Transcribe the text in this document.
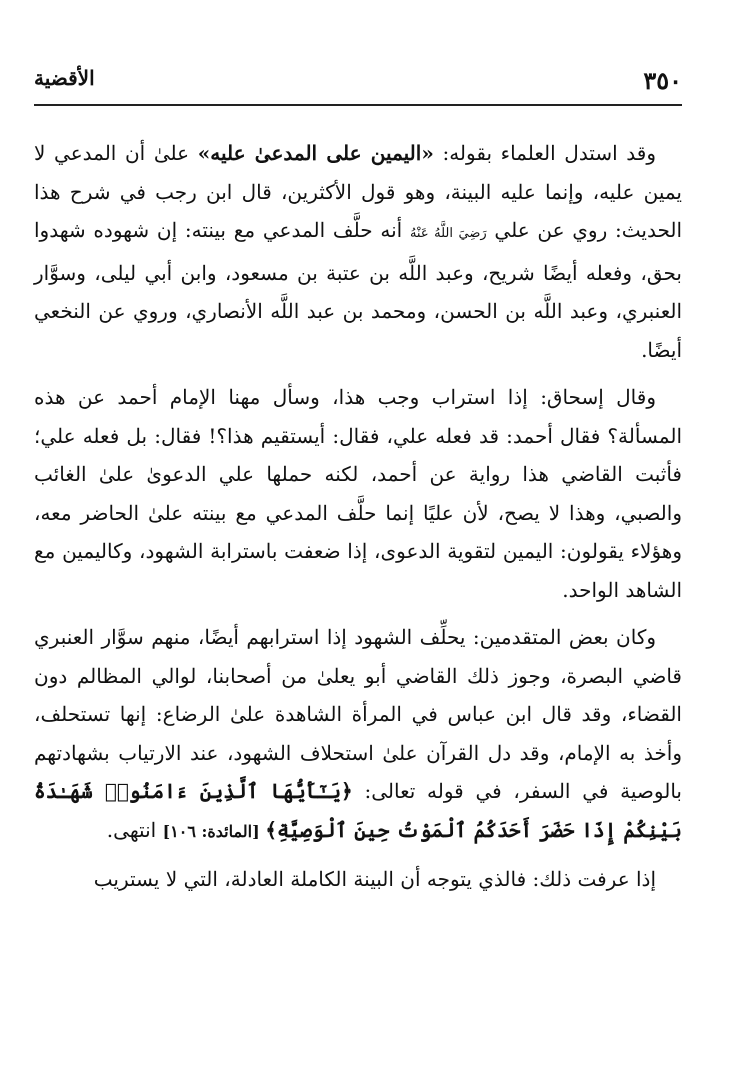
٣٥٠
الأقضية

وقد استدل العلماء بقوله: «اليمين على المدعىٰ عليه» علىٰ أن المدعي لا يمين عليه، وإنما عليه البينة، وهو قول الأكثرين، قال ابن رجب في شرح هذا الحديث: روي عن علي رَضِيَ اللَّهُ عَنْهُ أنه حلَّف المدعي مع بينته: إن شهوده شهدوا بحق، وفعله أيضًا شريح، وعبد اللَّه بن عتبة بن مسعود، وابن أبي ليلى، وسوَّار العنبري، وعبد اللَّه بن الحسن، ومحمد بن عبد اللَّه الأنصاري، وروي عن النخعي أيضًا.

وقال إسحاق: إذا استراب وجب هذا، وسأل مهنا الإمام أحمد عن هذه المسألة؟ فقال أحمد: قد فعله علي، فقال: أيستقيم هذا؟! فقال: بل فعله علي؛ فأثبت القاضي هذا رواية عن أحمد، لكنه حملها علي الدعوىٰ علىٰ الغائب والصبي، وهذا لا يصح، لأن عليًا إنما حلَّف المدعي مع بينته علىٰ الحاضر معه، وهؤلاء يقولون: اليمين لتقوية الدعوى، إذا ضعفت باسترابة الشهود، وكاليمين مع الشاهد الواحد.

وكان بعض المتقدمين: يحلِّف الشهود إذا استرابهم أيضًا، منهم سوَّار العنبري قاضي البصرة، وجوز ذلك القاضي أبو يعلىٰ من أصحابنا، لوالي المظالم دون القضاء، وقد قال ابن عباس في المرأة الشاهدة علىٰ الرضاع: إنها تستحلف، وأخذ به الإمام، وقد دل القرآن علىٰ استحلاف الشهود، عند الارتياب بشهادتهم بالوصية في السفر، في قوله تعالى: ﴿يَـٰٓأَيُّهَا ٱلَّذِينَ ءَامَنُوا۟ شَهَـٰدَةُ بَيْنِكُمْ إِذَا حَضَرَ أَحَدَكُمُ ٱلْمَوْتُ حِينَ ٱلْوَصِيَّةِ﴾ [المائدة: ١٠٦] انتهى.

إذا عرفت ذلك: فالذي يتوجه أن البينة الكاملة العادلة، التي لا يستريب
